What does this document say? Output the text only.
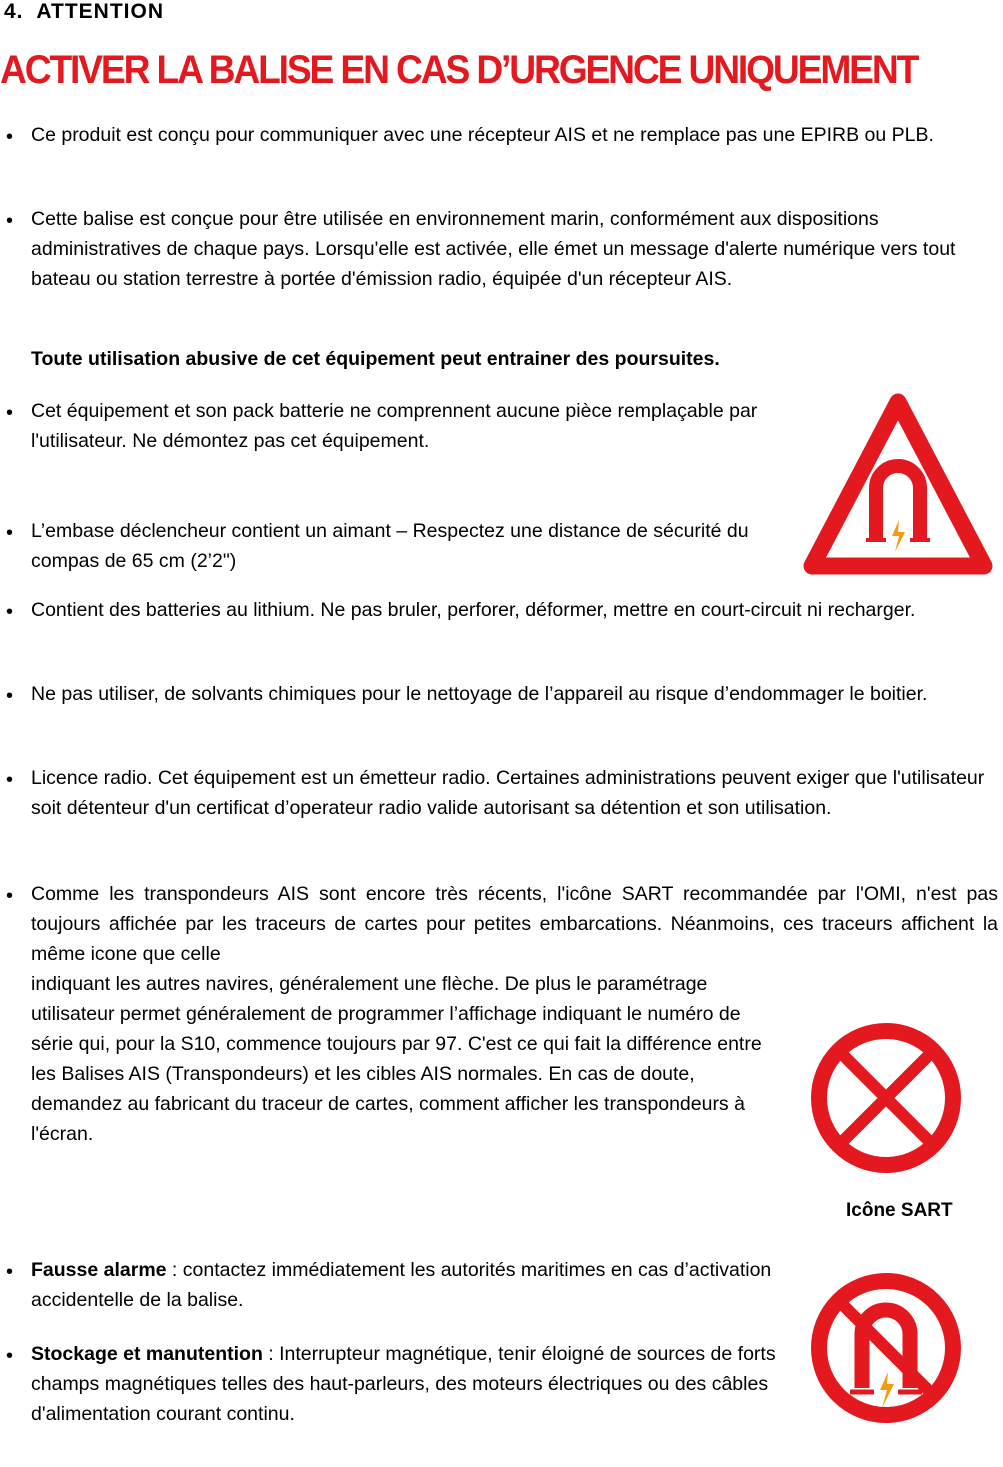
4. ATTENTION
ACTIVER LA BALISE EN CAS D’URGENCE UNIQUEMENT
• Ce produit est conçu pour communiquer avec une récepteur AIS et ne remplace pas une EPIRB ou PLB.

• Cette balise est conçue pour être utilisée en environnement marin, conformément aux dispositions administratives de chaque pays. Lorsqu'elle est activée, elle émet un message d'alerte numérique vers tout bateau ou station terrestre à portée d'émission radio, équipée d'un récepteur AIS.

Toute utilisation abusive de cet équipement peut entrainer des poursuites.

• Cet équipement et son pack batterie ne comprennent aucune pièce remplaçable par l'utilisateur. Ne démontez pas cet équipement.

• L’embase déclencheur contient un aimant – Respectez une distance de sécurité du compas de 65 cm (2’2")

• Contient des batteries au lithium. Ne pas bruler, perforer, déformer, mettre en court-circuit ni recharger.

• Ne pas utiliser, de solvants chimiques pour le nettoyage de l’appareil au risque d’endommager le boitier.

• Licence radio. Cet équipement est un émetteur radio. Certaines administrations peuvent exiger que l'utilisateur soit détenteur d'un certificat d’operateur radio valide autorisant sa détention et son utilisation.

• Comme les transpondeurs AIS sont encore très récents, l'icône SART recommandée par l'OMI, n'est pas toujours affichée par les traceurs de cartes pour petites embarcations. Néanmoins, ces traceurs affichent la même icone que celle

indiquant les autres navires, généralement une flèche. De plus le paramétrage utilisateur permet généralement de programmer l’affichage indiquant le numéro de série qui, pour la S10, commence toujours par 97. C'est ce qui fait la différence entre les Balises AIS (Transpondeurs) et les cibles AIS normales. En cas de doute, demandez au fabricant du traceur de cartes, comment afficher les transpondeurs à l'écran.

Icône SART
• Fausse alarme : contactez immédiatement les autorités maritimes en cas d’activation accidentelle de la balise.

• Stockage et manutention : Interrupteur magnétique, tenir éloigné de sources de forts champs magnétiques telles des haut-parleurs, des moteurs électriques ou des câbles d'alimentation courant continu.
